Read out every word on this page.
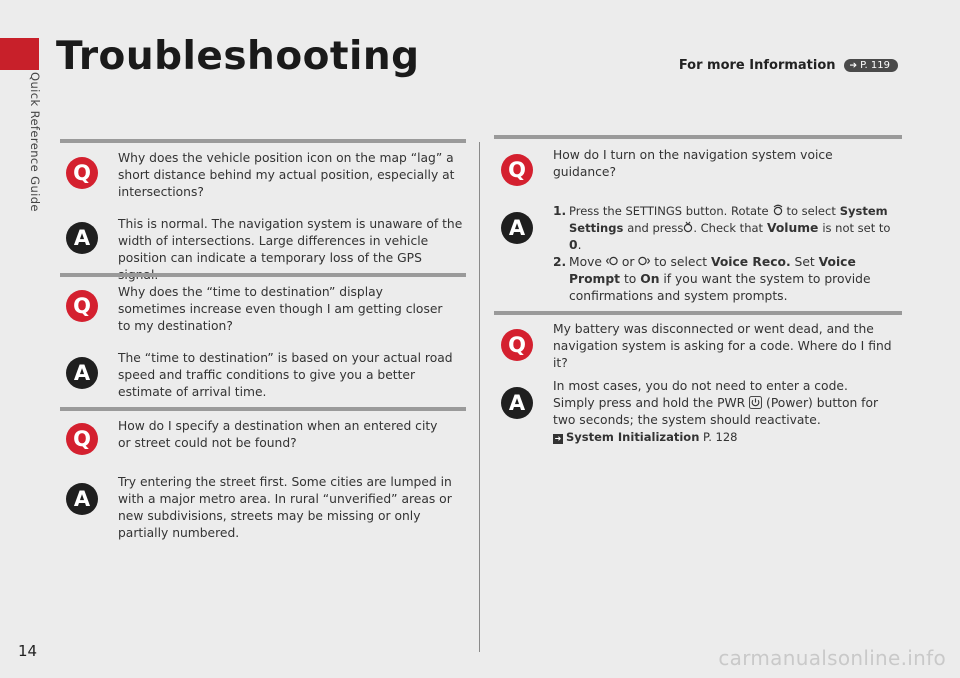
Quick Reference Guide
Troubleshooting	For more Information ➔ P. 119
Q
Why does the vehicle position icon on the map “lag” a short distance behind my actual position, especially at intersections?
A
This is normal. The navigation system is unaware of the width of intersections. Large differences in vehicle position can indicate a temporary loss of the GPS
Q
Why does the “time to destination” display sometimes increase even though I am getting closer to my destination?
A
The “time to destination” is based on your actual road speed and traffic conditions to give you a better estimate of arrival time.
Q
How do I specify a destination when an entered city or street could not be found?
A
Try entering the street first. Some cities are lumped in with a major metro area. In rural “unverified” areas or new subdivisions, streets may be missing or only partially numbered.
Q
How do I turn on the navigation system voice guidance?
A
1. Press the SETTINGS button. Rotate to select System Settings and press . Check that Volume is not set to 0.
2. Move or to select Voice Reco. Set Voice Prompt to On if you want the system to provide confirmations and system prompts.
Q
My battery was disconnected or went dead, and the navigation system is asking for a code. Where do I find it?
A
In most cases, you do not need to enter a code. Simply press and hold the PWR (Power) button for two seconds; the system should reactivate.
➜ System Initialization P. 128
14	carmanualsonline.info
